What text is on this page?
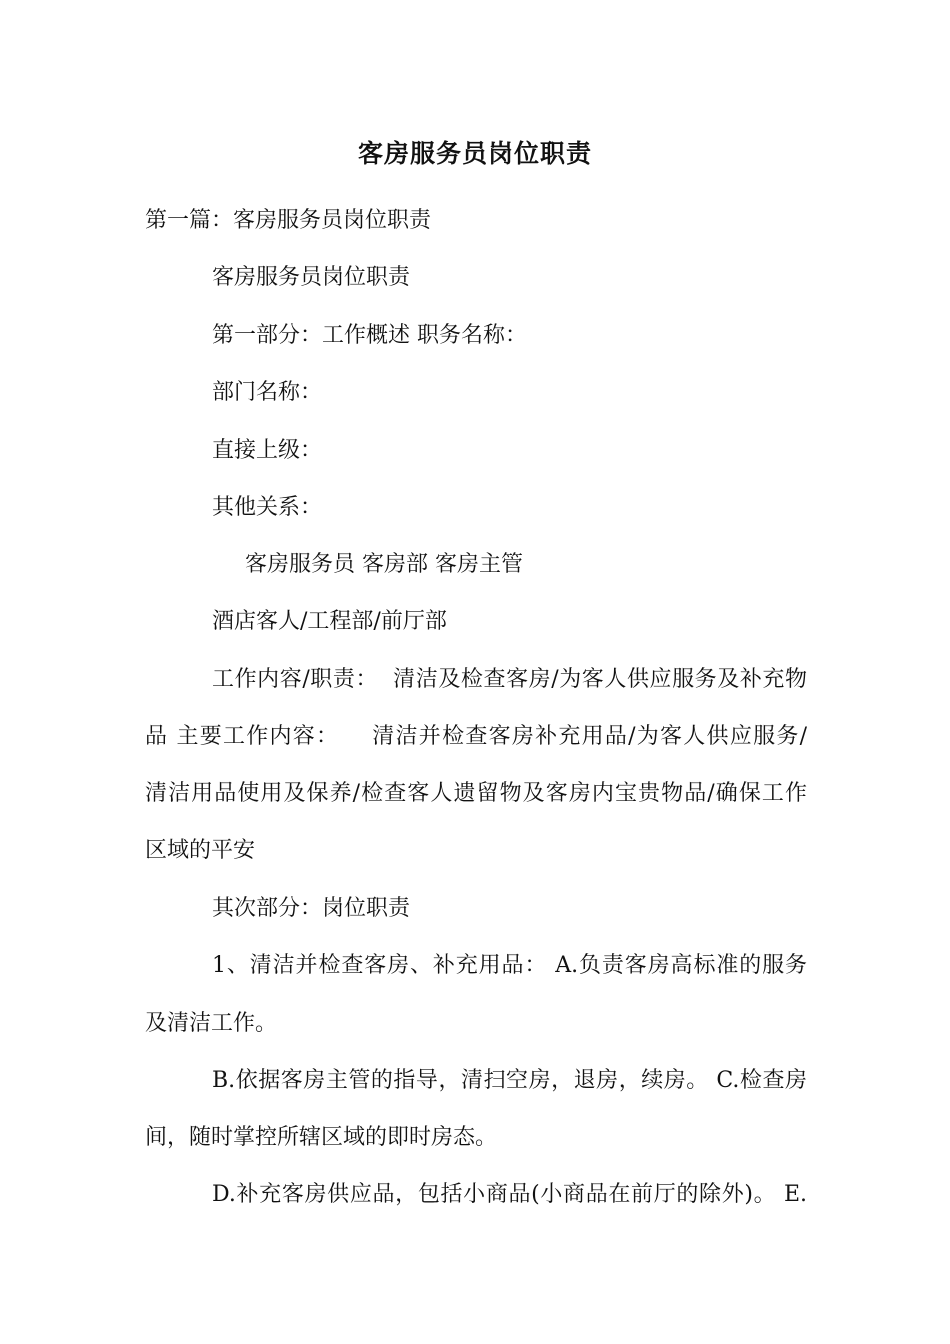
客房服务员岗位职责
第一篇：客房服务员岗位职责
客房服务员岗位职责
第一部分：工作概述 职务名称：
部门名称：
直接上级：
其他关系：
客房服务员 客房部 客房主管
酒店客人/工程部/前厅部
工作内容/职责：  清洁及检查客房/为客人供应服务及补充物
品 主要工作内容：    清洁并检查客房补充用品/为客人供应服务/
清洁用品使用及保养/检查客人遗留物及客房内宝贵物品/确保工作
区域的平安
其次部分：岗位职责
1、清洁并检查客房、补充用品： A.负责客房高标准的服务
及清洁工作。
B.依据客房主管的指导，清扫空房，退房，续房。 C.检查房
间，随时掌控所辖区域的即时房态。
D.补充客房供应品，包括小商品(小商品在前厅的除外)。 E.
